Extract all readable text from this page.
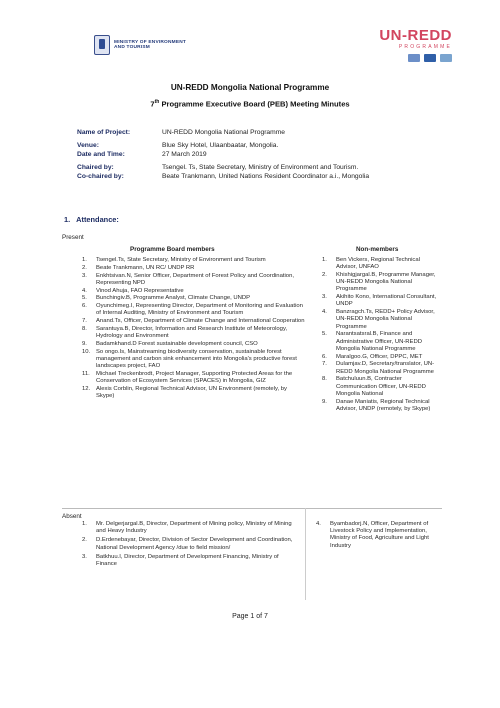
MINISTRY OF ENVIRONMENT
AND TOURISM
UN-REDD
PROGRAMME
UN-REDD Mongolia National Programme
7th Programme Executive Board (PEB) Meeting Minutes
Name of Project:	UN-REDD Mongolia National Programme
Venue:	Blue Sky Hotel, Ulaanbaatar, Mongolia.
Date and Time:	27 March 2019
Chaired by:	Tsengel. Ts, State Secretary, Ministry of Environment and Tourism.
Co-chaired by:	Beate Trankmann, United Nations Resident Coordinator a.i., Mongolia
1. Attendance:
Present
Programme Board members	Non-members
1. Tsengel.Ts, State Secretary, Ministry of Environment and Tourism
2. Beate Trankmann, UN RC/ UNDP RR
3. Enkhtsivan.N, Senior Officer, Department of Forest Policy and Coordination, Representing NPD
4. Vinod Ahuja, FAO Representative
5. Bunchingiv.B, Programme Analyst, Climate Change, UNDP
6. Oyunchimeg.I, Representing Director, Department of Monitoring and Evaluation of Internal Auditing, Ministry of Environment and Tourism
7. Anand.Ts, Officer, Department of Climate Change and International Cooperation
8. Sarantuya.B, Director, Information and Research Institute of Meteorology, Hydrology and Environment
9. Badamkhand.D Forest sustainable development council, CSO
10. So ongo.Is, Mainstreaming biodiversity conservation, sustainable forest management and carbon sink enhancement into Mongolia's productive forest landscapes project, FAO
11. Michael Treckenbrodt, Project Manager, Supporting Protected Areas for the Conservation of Ecosystem Services (SPACES) in Mongolia, GIZ
12. Alexis Corblin, Regional Technical Advisor, UN Environment (remotely, by Skype)
1. Ben Vickers, Regional Technical Advisor, UNFAO
2. Khishigjargal.B, Programme Manager, UN-REDD Mongolia National Programme
3. Akihito Kono, International Consultant, UNDP
4. Banzragch.Ts, REDD+ Policy Advisor, UN-REDD Mongolia National Programme
5. Narantsatsral.B, Finance and Administrative Officer, UN-REDD Mongolia National Programme
6. Maralgoo.G, Officer, DPPC, MET
7. Dulamjav.D, Secretary/translator, UN-REDD Mongolia National Programme
8. Batchuluun.B, Contracter Communication Officer, UN-REDD Mongolia National
9. Danae Maniatis, Regional Technical Advisor, UNDP (remotely, by Skype)
Absent
1. Mr. Delgerjargal.B, Director, Department of Mining policy, Ministry of Mining and Heavy Industry
2. D.Erdenebayar, Director, Division of Sector Development and Coordination, National Development Agency /due to field mission/
3. Batkhuu.I, Director, Department of Development Financing, Ministry of Finance
4. Byambadorj.N, Officer, Department of Livestock Policy and Implementation, Ministry of Food, Agriculture and Light Industry
Page 1 of 7
